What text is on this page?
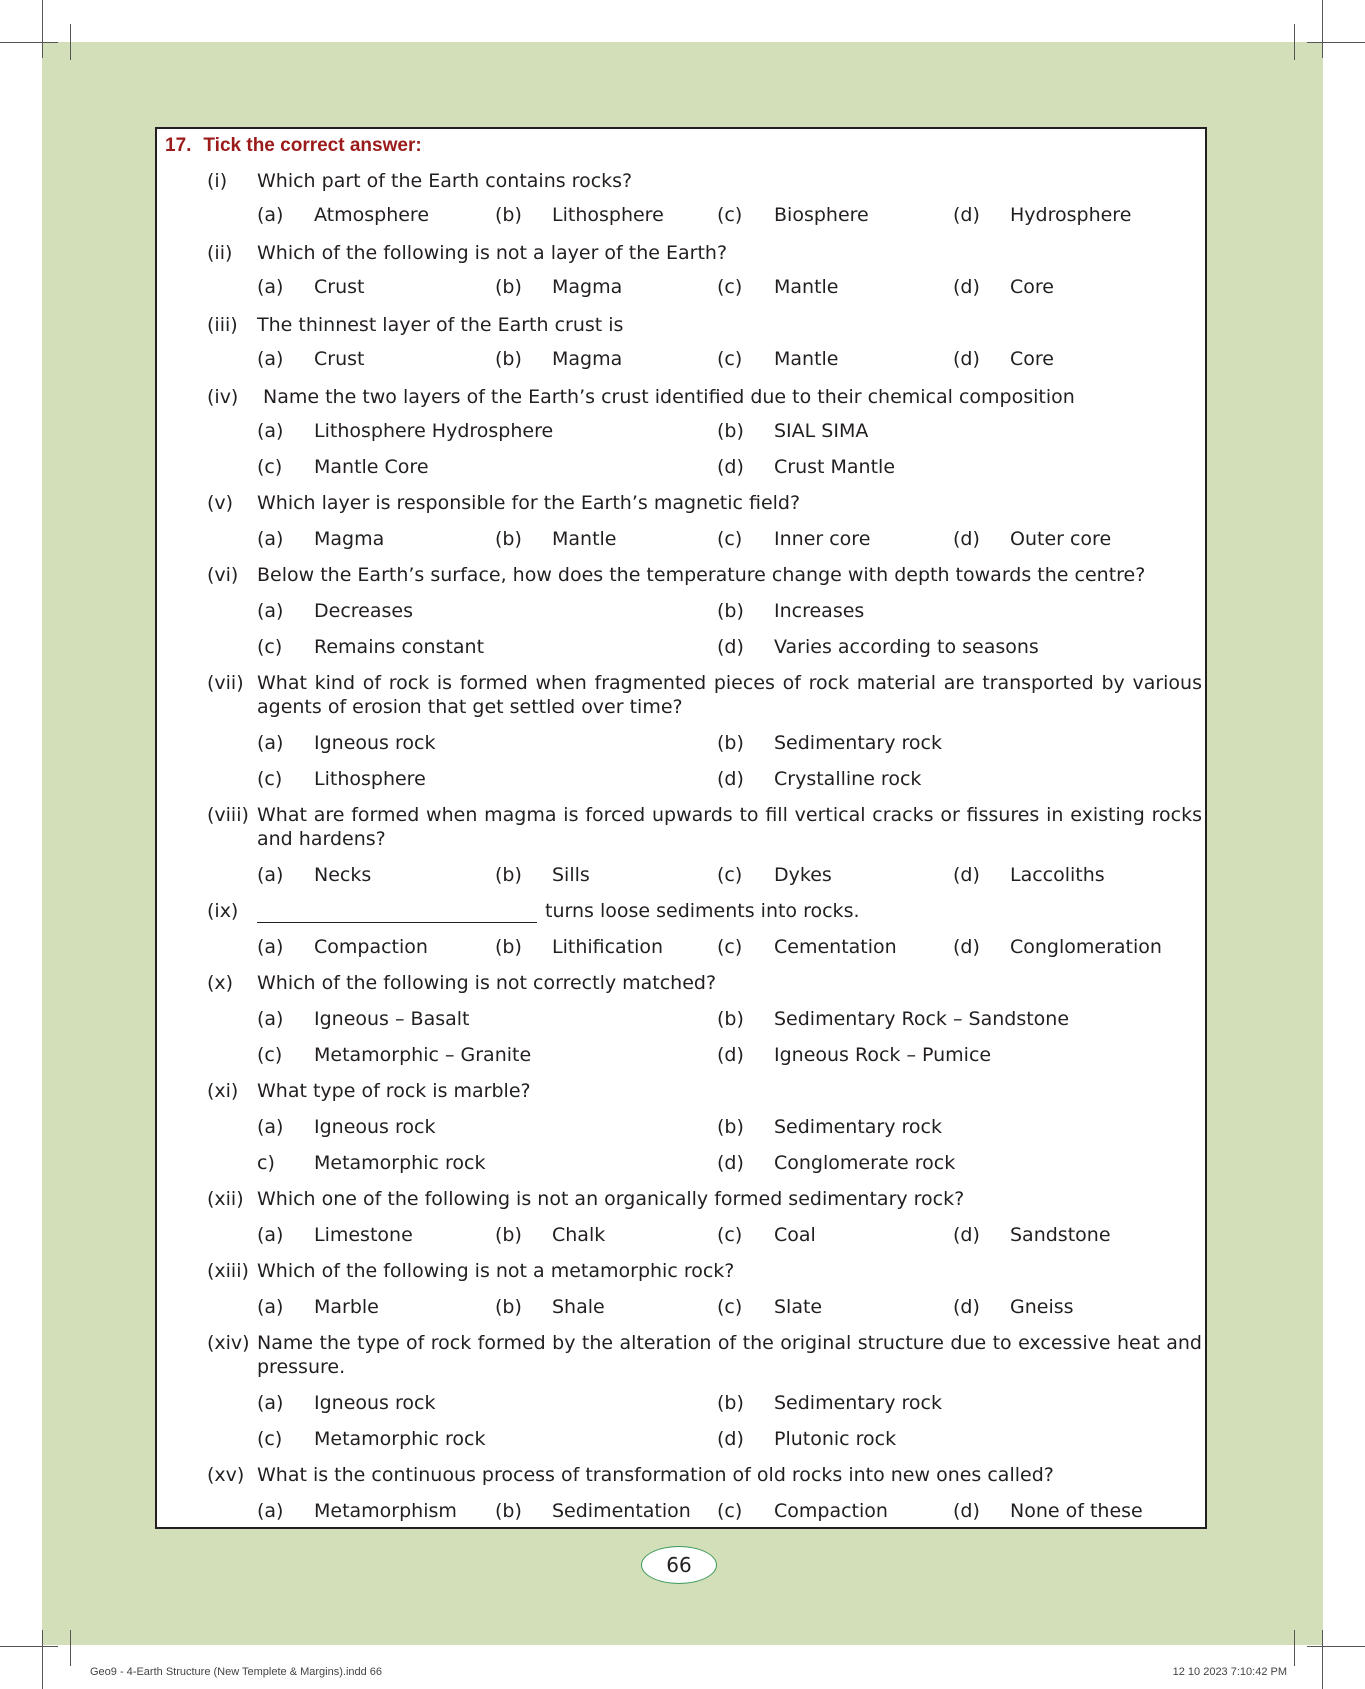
17. Tick the correct answer:
(i) Which part of the Earth contains rocks?
(a) Atmosphere	(b) Lithosphere	(c) Biosphere	(d) Hydrosphere
(ii) Which of the following is not a layer of the Earth?
(a) Crust	(b) Magma	(c) Mantle	(d) Core
(iii) The thinnest layer of the Earth crust is
(a) Crust	(b) Magma	(c) Mantle	(d) Core
(iv) Name the two layers of the Earth’s crust identified due to their chemical composition
(a) Lithosphere Hydrosphere	(b) SIAL SIMA
(c) Mantle Core	(d) Crust Mantle
(v) Which layer is responsible for the Earth’s magnetic field?
(a) Magma	(b) Mantle	(c) Inner core	(d) Outer core
(vi) Below the Earth’s surface, how does the temperature change with depth towards the centre?
(a) Decreases	(b) Increases
(c) Remains constant	(d) Varies according to seasons
(vii) What kind of rock is formed when fragmented pieces of rock material are transported by various agents of erosion that get settled over time?
(a) Igneous rock	(b) Sedimentary rock
(c) Lithosphere	(d) Crystalline rock
(viii) What are formed when magma is forced upwards to fill vertical cracks or fissures in existing rocks and hardens?
(a) Necks	(b) Sills	(c) Dykes	(d) Laccoliths
(ix)	turns loose sediments into rocks.
(a) Compaction	(b) Lithification	(c) Cementation	(d) Conglomeration
(x) Which of the following is not correctly matched?
(a) Igneous – Basalt	(b) Sedimentary Rock – Sandstone
(c) Metamorphic – Granite	(d) Igneous Rock – Pumice
(xi) What type of rock is marble?
(a) Igneous rock	(b) Sedimentary rock
c) Metamorphic rock	(d) Conglomerate rock
(xii) Which one of the following is not an organically formed sedimentary rock?
(a) Limestone	(b) Chalk	(c) Coal	(d) Sandstone
(xiii) Which of the following is not a metamorphic rock?
(a) Marble	(b) Shale	(c) Slate	(d) Gneiss
(xiv) Name the type of rock formed by the alteration of the original structure due to excessive heat and pressure.
(a) Igneous rock	(b) Sedimentary rock
(c) Metamorphic rock	(d) Plutonic rock
(xv) What is the continuous process of transformation of old rocks into new ones called?
(a) Metamorphism (b) Sedimentation (c) Compaction	(d) None of these
66
Geo9 - 4-Earth Structure (New Templete & Margins).indd 66	12 10 2023 7:10:42 PM
